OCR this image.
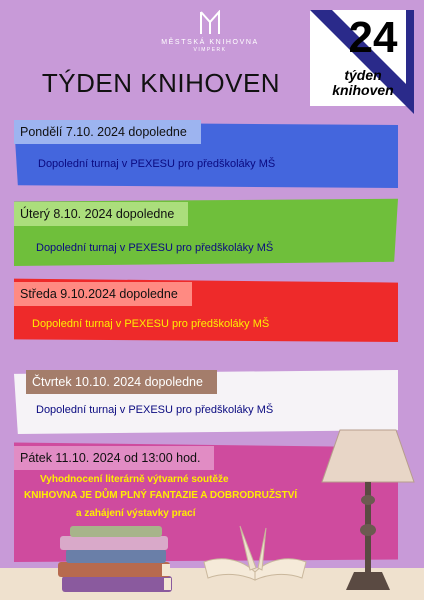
MĚSTSKÁ KNIHOVNA
VIMPERK
TÝDEN KNIHOVEN
24
týden
knihoven
Pondělí 7.10. 2024 dopoledne
Dopolední turnaj v PEXESU pro předškoláky MŠ
Úterý 8.10. 2024 dopoledne
Dopolední turnaj v PEXESU pro předškoláky MŠ
Středa 9.10.2024 dopoledne
Dopolední turnaj v PEXESU pro předškoláky MŠ
Čtvrtek 10.10. 2024 dopoledne
Dopolední turnaj v PEXESU pro předškoláky MŠ
Pátek 11.10. 2024 od 13:00 hod.
Vyhodnocení literárně výtvarné soutěže
KNIHOVNA JE DŮM PLNÝ FANTAZIE A DOBRODRUŽSTVÍ
a zahájení výstavky prací
